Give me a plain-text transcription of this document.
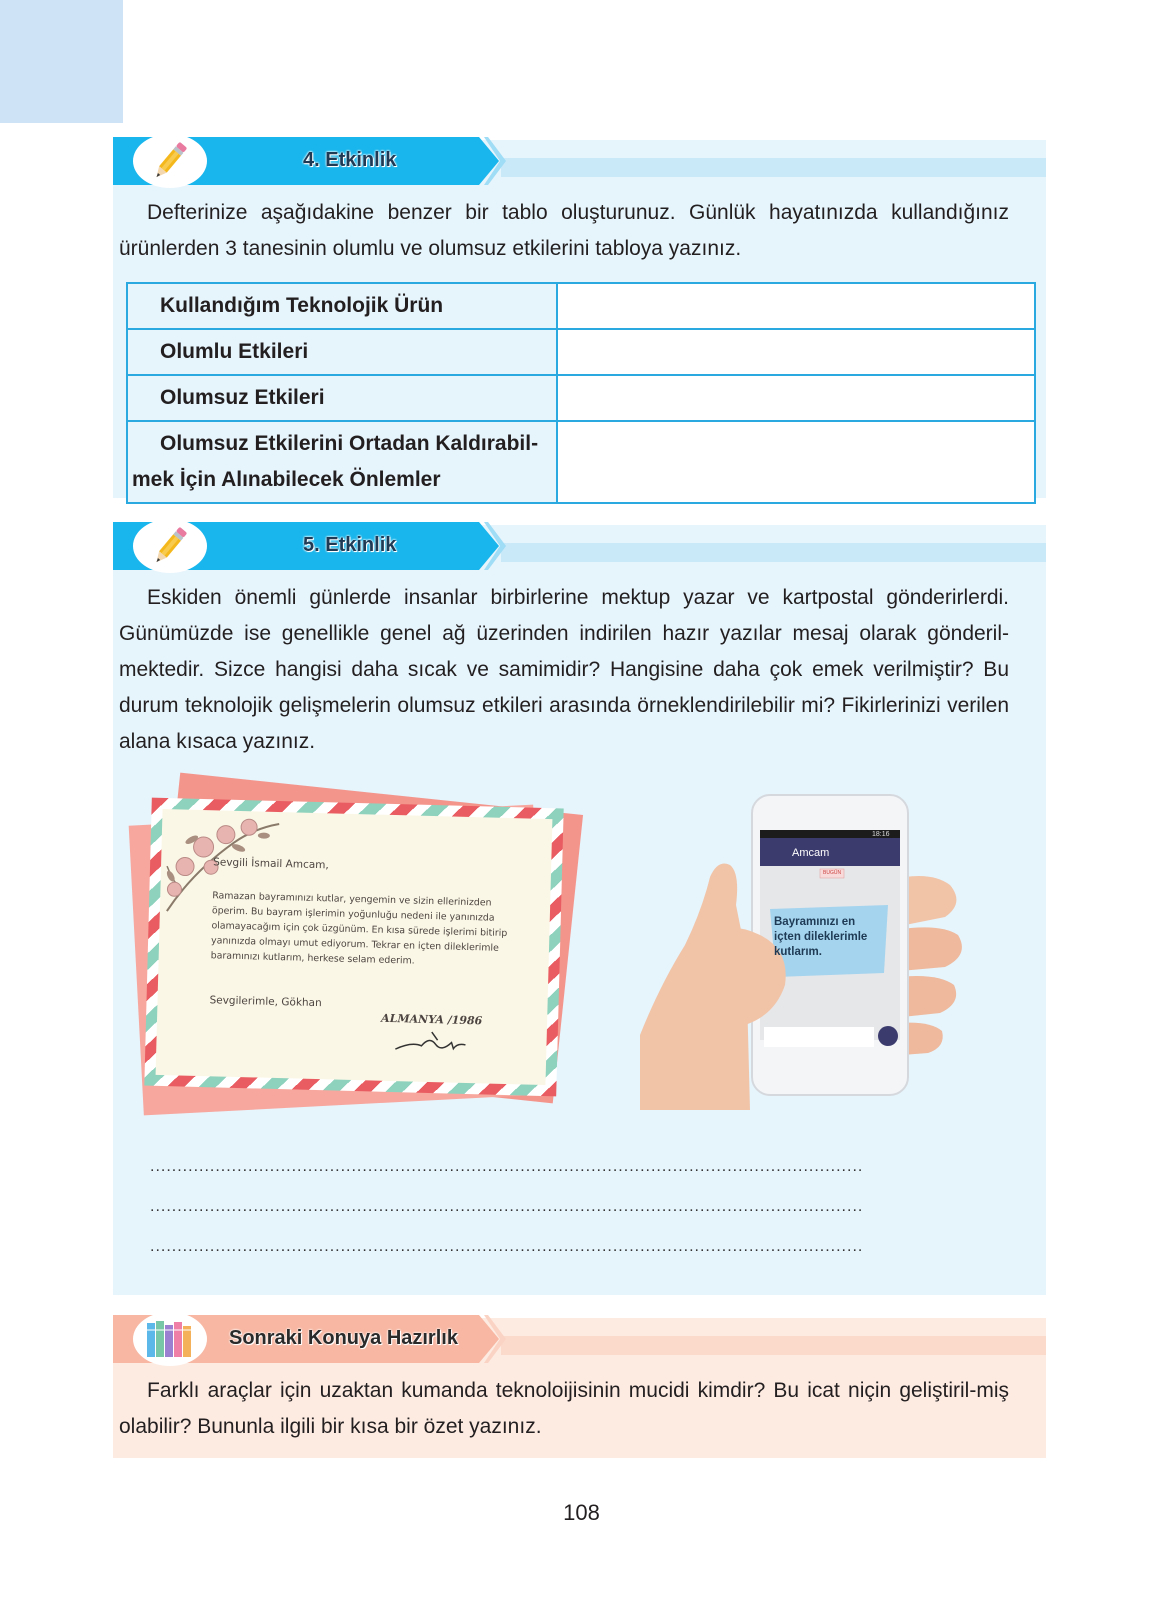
4. Etkinlik

Defterinize aşağıdakine benzer bir tablo oluşturunuz. Günlük hayatınızda kullandığınız ürünlerden 3 tanesinin olumlu ve olumsuz etkilerini tabloya yazınız.

Kullandığım Teknolojik Ürün	

Olumlu Etkileri	

Olumsuz Etkileri	

Olumsuz Etkilerini Ortadan Kaldırabil-mek İçin Alınabilecek Önlemler	

5. Etkinlik

Eskiden önemli günlerde insanlar birbirlerine mektup yazar ve kartpostal gönderirlerdi. Günümüzde ise genellikle genel ağ üzerinden indirilen hazır yazılar mesaj olarak gönderil-mektedir. Sizce hangisi daha sıcak ve samimidir? Hangisine daha çok emek verilmiştir? Bu durum teknolojik gelişmelerin olumsuz etkileri arasında örneklendirilebilir mi? Fikirlerinizi verilen alana kısaca yazınız.

Sevgili İsmail Amcam,
Ramazan bayramınızı kutlar, yengemin ve sizin ellerinizden öperim. Bu bayram işlerimin yoğunluğu nedeni ile yanınızda olamayacağım için çok üzgünüm. En kısa sürede işlerimi bitirip yanınızda olmayı umut ediyorum. Tekrar en içten dileklerimle baramınızı kutlarım, herkese selam ederim.
Sevgilerimle, Gökhan
ALMANYA /1986
18:16
Amcam
BUGÜN
Bayramınızı en
içten dileklerimle
kutlarım.
...................................................................................................................................
...................................................................................................................................
...................................................................................................................................
Sonraki Konuya Hazırlık

Farklı araçlar için uzaktan kumanda teknoloijisinin mucidi kimdir? Bu icat niçin geliştiril-miş olabilir? Bununla ilgili bir kısa bir özet yazınız.

108
